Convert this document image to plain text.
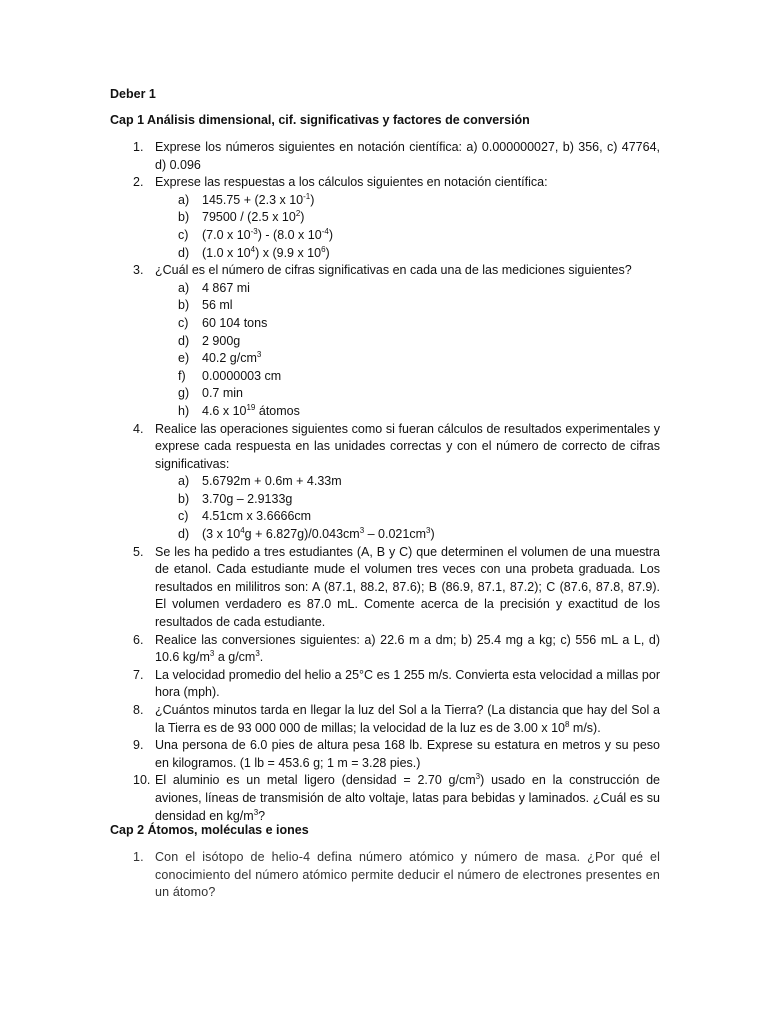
Deber 1
Cap 1 Análisis dimensional, cif. significativas y factores de conversión
1. Exprese los números siguientes en notación científica: a) 0.000000027, b) 356, c) 47764, d) 0.096
2. Exprese las respuestas a los cálculos siguientes en notación científica:
a)	145.75 + (2.3 x $10^{-1}$)
b)	79500 / (2.5 x $10^2$)
c)	(7.0 x $10^{-3}) - (8.0$ x $10^{-4}$)
d)	(1.0 x $10^4$) x (9.9 x $10^6$)
3. ¿Cuál es el número de cifras significativas en cada una de las mediciones siguientes?
a)	4 867 mi
b)	56 ml
c)	60 104 tons
d)	2 900g
e)	40.2 $g/cm^3$
f)	0.0000003 cm
g)	0.7 min
h)	4.6 x $10^{19}$ átomos
4. Realice las operaciones siguientes como si fueran cálculos de resultados experimentales y exprese cada respuesta en las unidades correctas y con el número de correcto de cifras significativas:
a)	5.6792m + 0.6m + 4.33m
b)	3.70g – 2.9133g
c)	4.51cm x 3.6666cm
d)	(3 x $10^4g + 6.827g)/0.043cm^3 - 0.021cm^3$)
5. Se les ha pedido a tres estudiantes (A, B y C) que determinen el volumen de una muestra de etanol. Cada estudiante mude el volumen tres veces con una probeta graduada. Los resultados en mililitros son: A (87.1, 88.2, 87.6); B (86.9, 87.1, 87.2); C (87.6, 87.8, 87.9). El volumen verdadero es 87.0 mL. Comente acerca de la precisión y exactitud de los resultados de cada estudiante.
6. Realice las conversiones siguientes: a) 22.6 m a dm; b) 25.4 mg a kg; c) 556 mL a L, d) 10.6 $kg/m^3$ a $g/cm^3$.
7. La velocidad promedio del helio a 25°C es 1 255 m/s. Convierta esta velocidad a millas por hora (mph).
8. ¿Cuántos minutos tarda en llegar la luz del Sol a la Tierra? (La distancia que hay del Sol a la Tierra es de 93 000 000 de millas; la velocidad de la luz es de 3.00 x $10^8$ m/s).
9. Una persona de 6.0 pies de altura pesa 168 lb. Exprese su estatura en metros y su peso en kilogramos. (1 lb = 453.6 g; 1 m = 3.28 pies.)
10. El aluminio es un metal ligero (densidad = 2.70 $g/cm^3$) usado en la construcción de aviones, líneas de transmisión de alto voltaje, latas para bebidas y laminados. ¿Cuál es su densidad en $kg/m^3$?
Cap 2 Átomos, moléculas e iones
1. Con el isótopo de helio-4 defina número atómico y número de masa. ¿Por qué el conocimiento del número atómico permite deducir el número de electrones presentes en un átomo?
